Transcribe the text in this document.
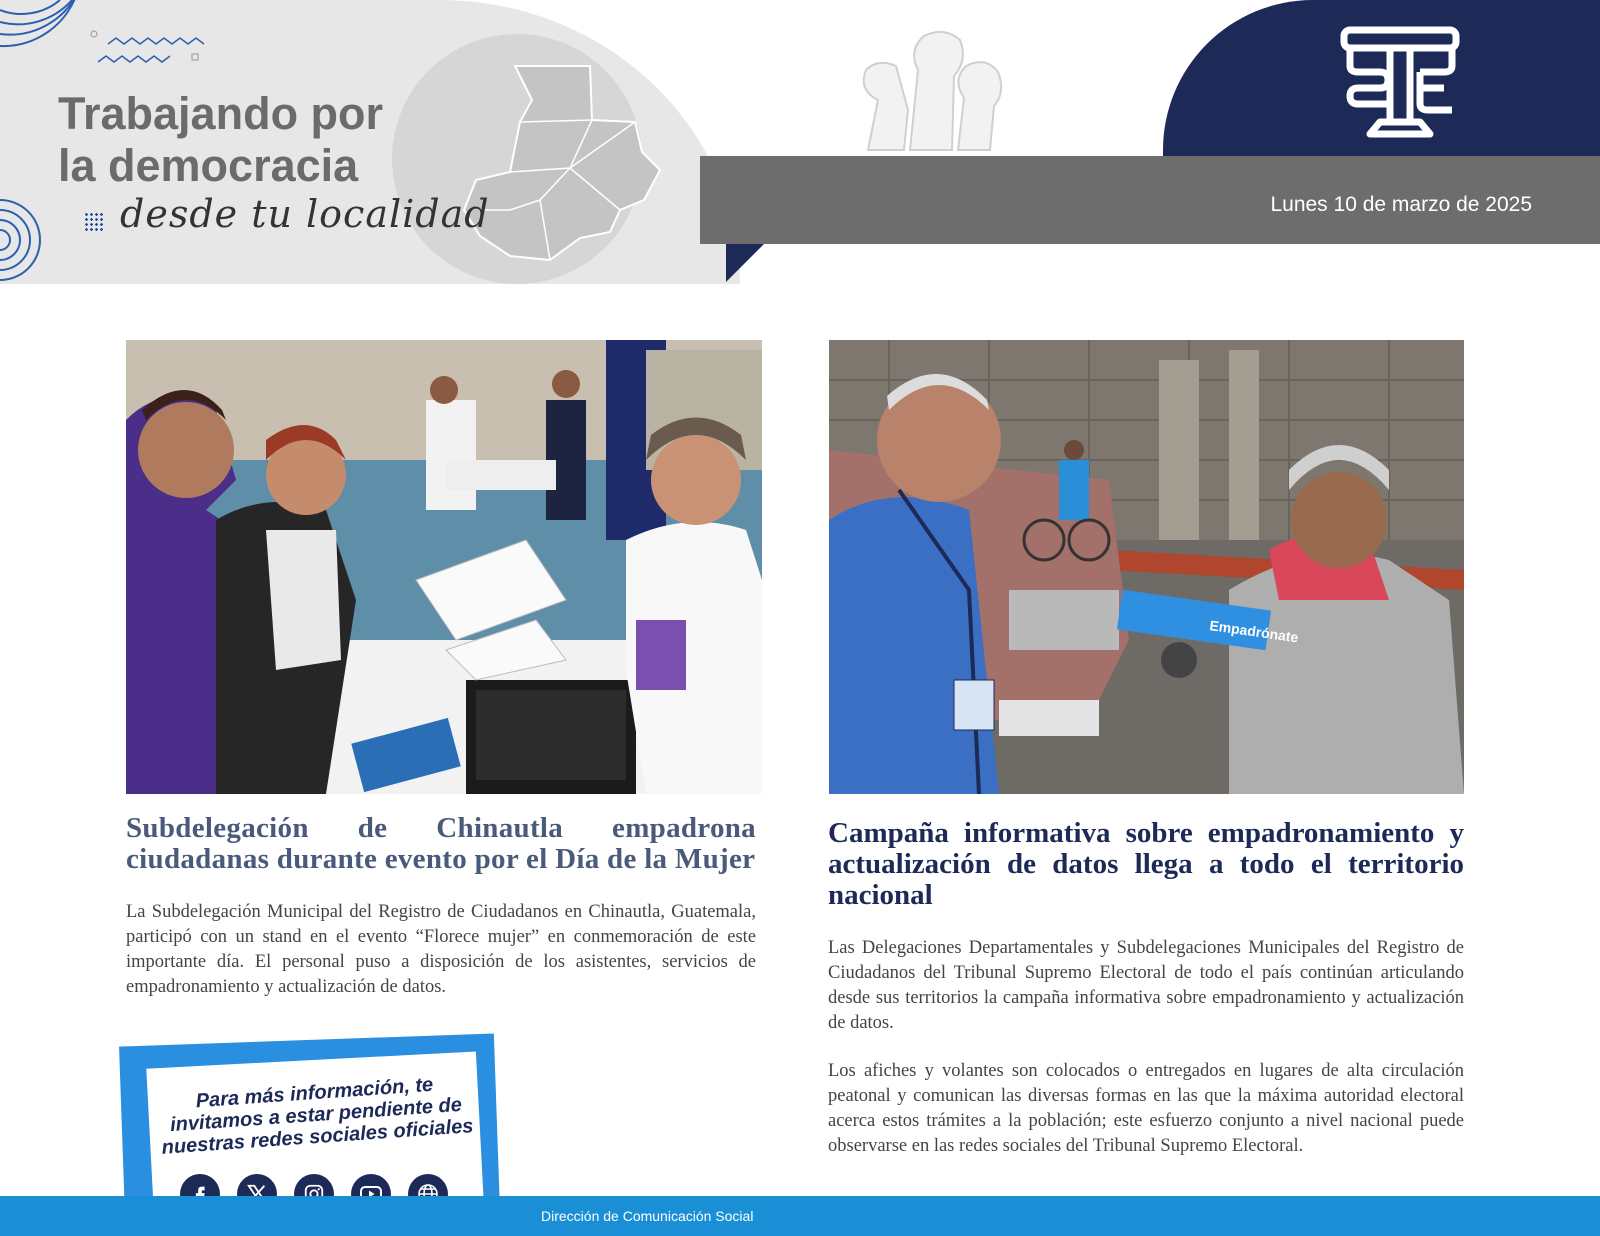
Trabajando por
la democracia
desde tu localidad	Lunes 10 de marzo de 2025
Empadrónate
Subdelegación de Chinautla empadrona ciudadanas durante evento por el Día de la Mujer

La Subdelegación Municipal del Registro de Ciudadanos en Chinautla, Guatemala, participó con un stand en el evento “Florece mujer” en conmemoración de este importante día. El personal puso a disposición de los asistentes, servicios de empadronamiento y actualización de datos.

Campaña informativa sobre empadronamiento y actualización de datos llega a todo el territorio nacional

Las Delegaciones Departamentales y Subdelegaciones Municipales del Registro de Ciudadanos del Tribunal Supremo Electoral de todo el país continúan articulando desde sus territorios la campaña informativa sobre empadronamiento y actualización de datos.

Los afiches y volantes son colocados o entregados en lugares de alta circulación peatonal y comunican las diversas formas en las que la máxima autoridad electoral acerca estos trámites a la población; este esfuerzo conjunto a nivel nacional puede observarse en las redes sociales del Tribunal Supremo Electoral.

Para más información, te invitamos a estar pendiente de nuestras redes sociales oficiales
Dirección de Comunicación Social
